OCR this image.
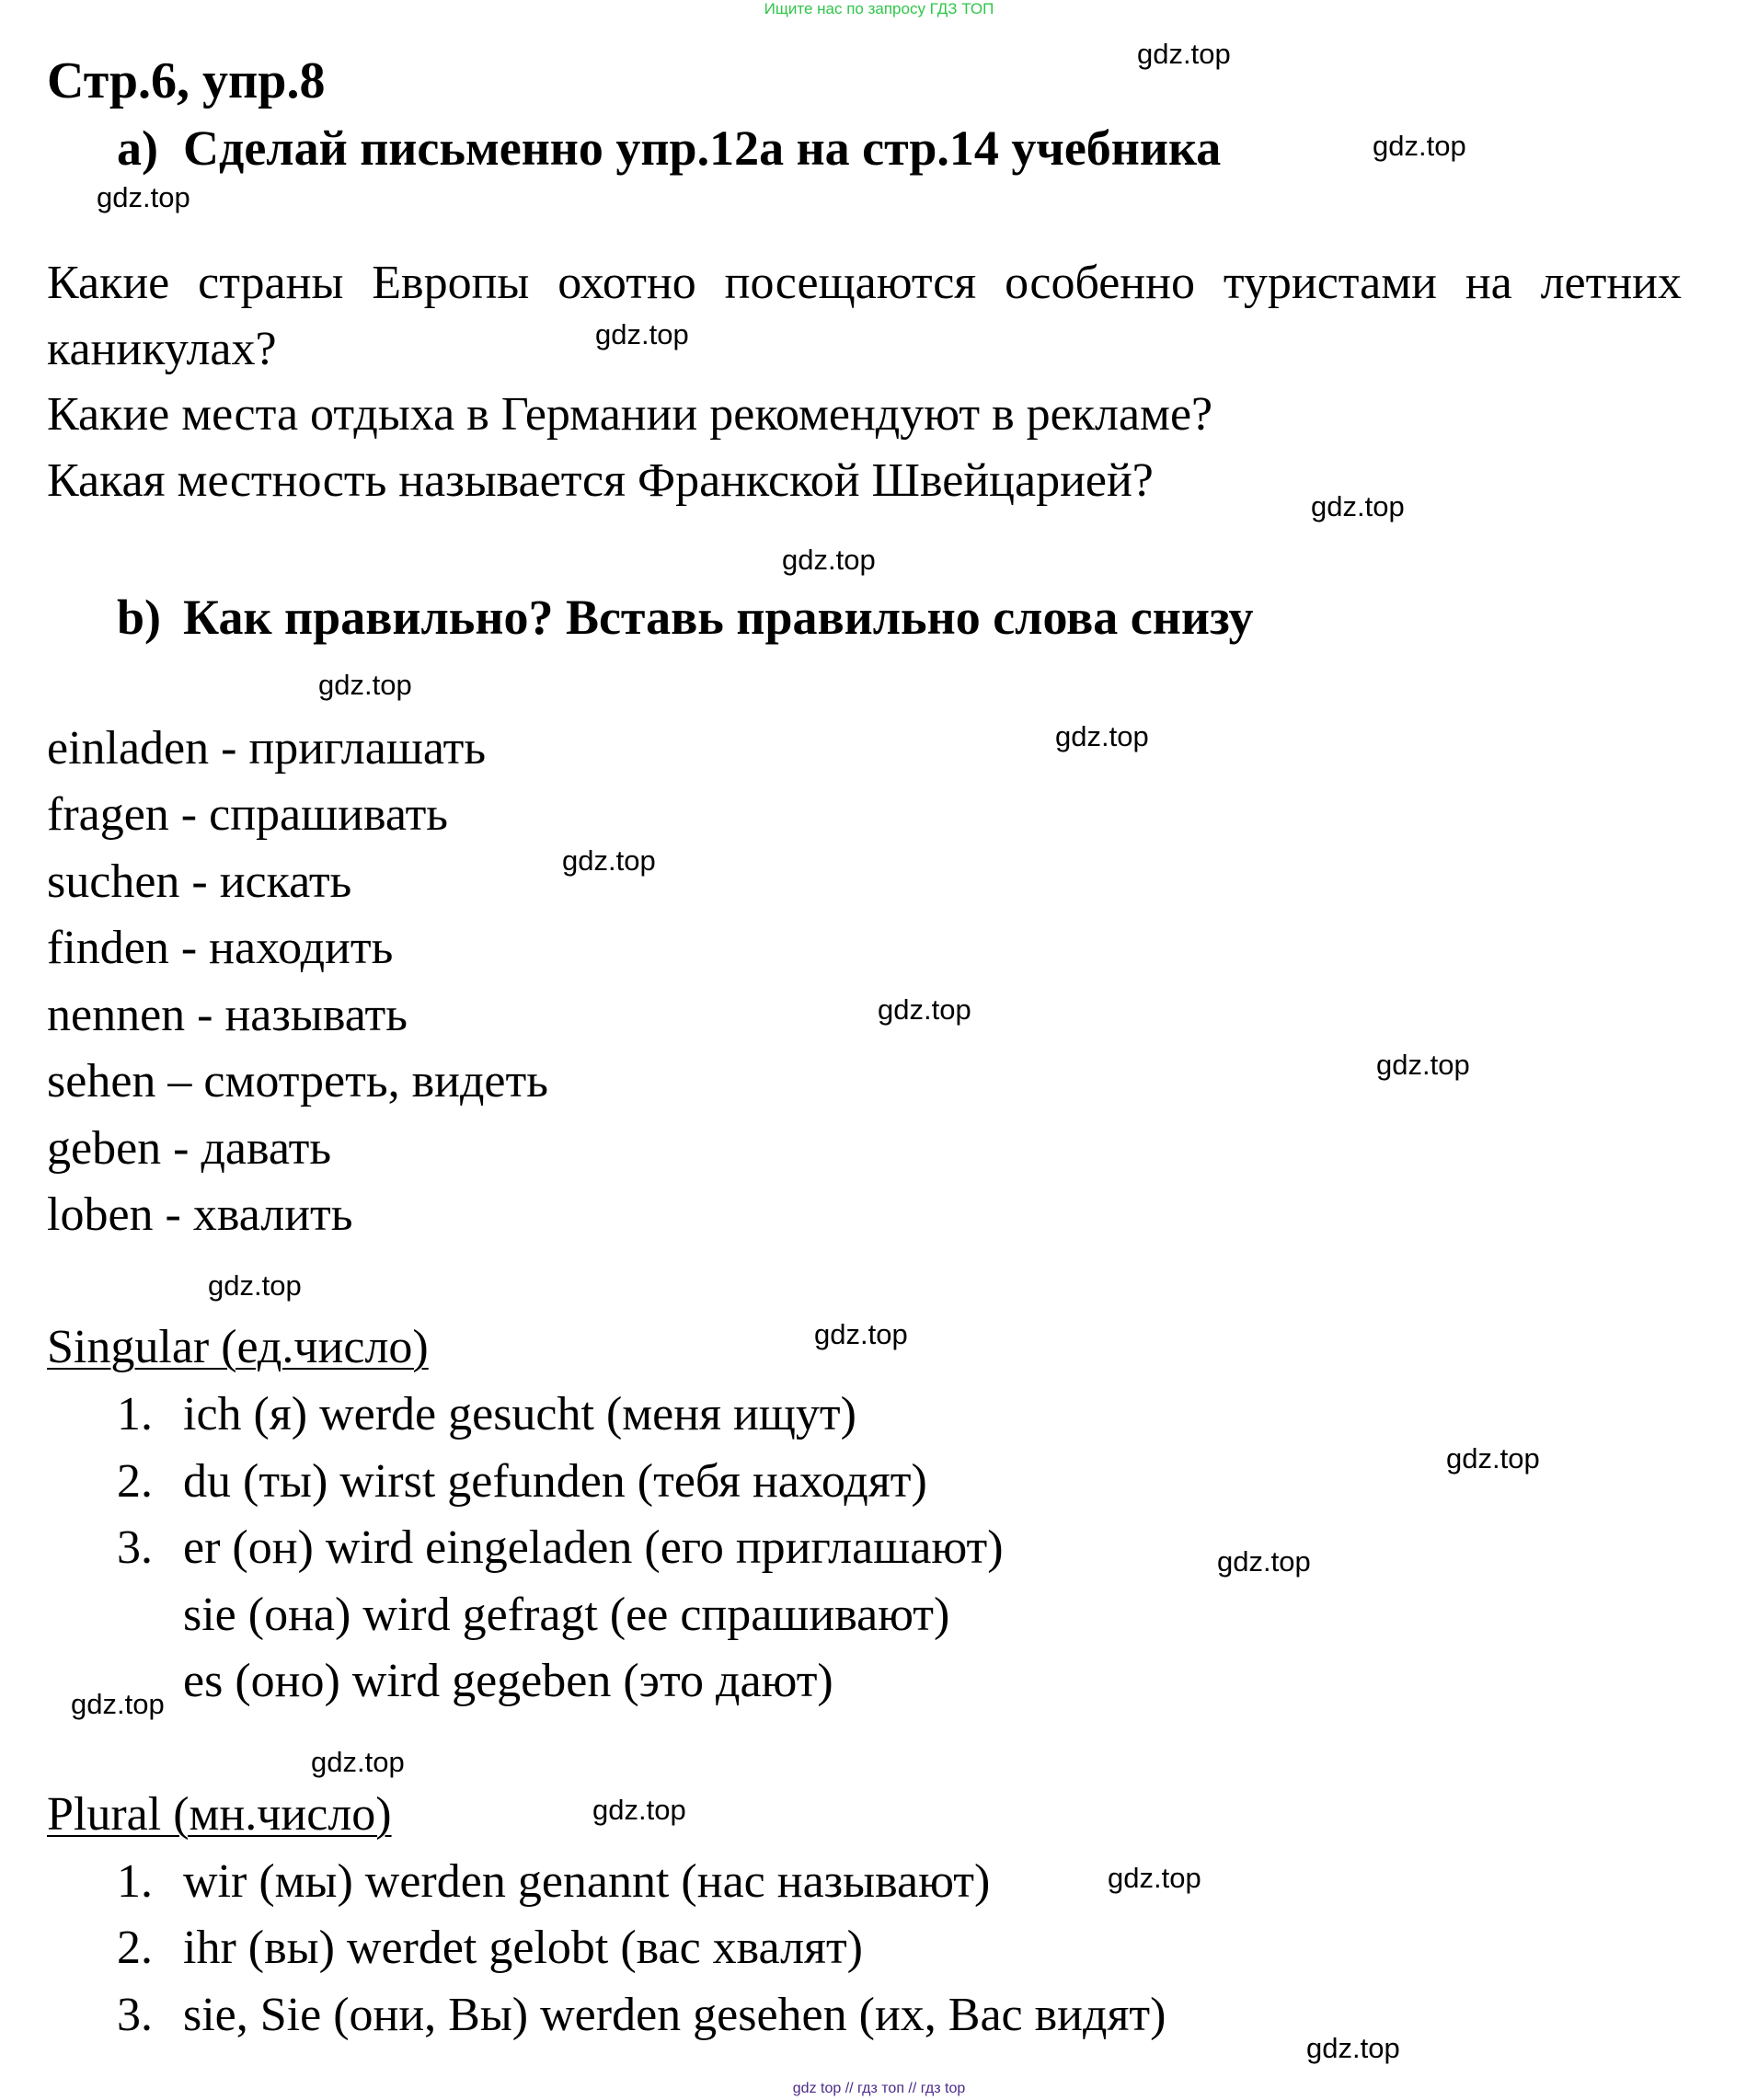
Ищите нас по запросу ГДЗ ТОП
Стр.6, упр.8
a) Сделай письменно упр.12а на стр.14 учебника
Какие страны Европы охотно посещаются особенно туристами на летних каникулах?
Какие места отдыха в Германии рекомендуют в рекламе?
Какая местность называется Франкской Швейцарией?
b) Как правильно? Вставь правильно слова снизу
einladen - приглашать
fragen - спрашивать
suchen - искать
finden - находить
nennen - называть
sehen – смотреть, видеть
geben - давать
loben - хвалить
Singular (ед.число)
1. ich (я) werde gesucht (меня ищут)
2. du (ты) wirst gefunden (тебя находят)
3. er (он) wird eingeladen (его приглашают)
sie (она) wird gefragt (ее спрашивают)
es (оно) wird gegeben (это дают)
Plural (мн.число)
1. wir (мы) werden genannt (нас называют)
2. ihr (вы) werdet gelobt (вас хвалят)
3. sie, Sie (они, Вы) werden gesehen (их, Вас видят)
gdz.top
gdz.top
gdz.top
gdz.top
gdz.top
gdz.top
gdz.top
gdz.top
gdz.top
gdz.top
gdz.top
gdz.top
gdz.top
gdz.top
gdz.top
gdz.top
gdz.top
gdz.top
gdz.top
gdz.top
gdz top // гдз топ // гдз top
